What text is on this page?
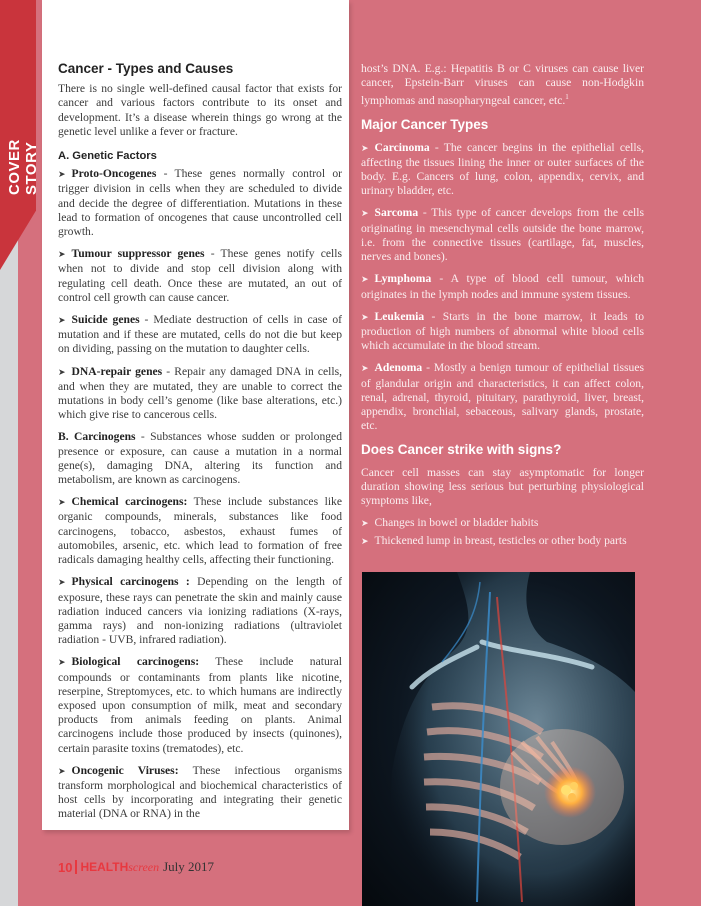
COVER STORY
Cancer - Types and Causes

There is no single well-defined causal factor that exists for cancer and various factors contribute to its onset and development. It’s a disease wherein things go wrong at the genetic level unlike a fever or fracture.

A. Genetic Factors

➤ Proto-Oncogenes - These genes normally control or trigger division in cells when they are scheduled to divide and decide the degree of differentiation. Mutations in these lead to formation of oncogenes that cause uncontrolled cell growth.

➤ Tumour suppressor genes - These genes notify cells when not to divide and stop cell division along with regulating cell death. Once these are mutated, an out of control cell growth can cause cancer.

➤ Suicide genes - Mediate destruction of cells in case of mutation and if these are mutated, cells do not die but keep on dividing, passing on the mutation to daughter cells.

➤ DNA-repair genes - Repair any damaged DNA in cells, and when they are mutated, they are unable to correct the mutations in body cell’s genome (like base alterations, etc.) which give rise to cancerous cells.

B. Carcinogens - Substances whose sudden or prolonged presence or exposure, can cause a mutation in a normal gene(s), damaging DNA, altering its function and metabolism, are known as carcinogens.

➤ Chemical carcinogens: These include substances like organic compounds, minerals, substances like food carcinogens, tobacco, asbestos, exhaust fumes of automobiles, arsenic, etc. which lead to formation of free radicals damaging healthy cells, affecting their functioning.

➤ Physical carcinogens : Depending on the length of exposure, these rays can penetrate the skin and mainly cause radiation induced cancers via ionizing radiations (X-rays, gamma rays) and non-ionizing radiations (ultraviolet radiation - UVB, infrared radiation).

➤ Biological carcinogens: These include natural compounds or contaminants from plants like nicotine, reserpine, Streptomyces, etc. to which humans are indirectly exposed upon consumption of milk, meat and secondary products from animals feeding on plants. Animal carcinogens include those produced by insects (quinones), certain parasite toxins (trematodes), etc.

➤ Oncogenic Viruses: These infectious organisms transform morphological and biochemical characteristics of host cells by incorporating and integrating their genetic material (DNA or RNA) in the

host’s DNA. E.g.: Hepatitis B or C viruses can cause liver cancer, Epstein-Barr viruses can cause non-Hodgkin lymphomas and nasopharyngeal cancer, etc.$^1$

Major Cancer Types

➤ Carcinoma - The cancer begins in the epithelial cells, affecting the tissues lining the inner or outer surfaces of the body. E.g. Cancers of lung, colon, appendix, cervix, and urinary bladder, etc.

➤ Sarcoma - This type of cancer develops from the cells originating in mesenchymal cells outside the bone marrow, i.e. from the connective tissues (cartilage, fat, muscles, nerves and bones).

➤ Lymphoma - A type of blood cell tumour, which originates in the lymph nodes and immune system tissues.

➤ Leukemia - Starts in the bone marrow, it leads to production of high numbers of abnormal white blood cells which accumulate in the blood stream.

➤ Adenoma - Mostly a benign tumour of epithelial tissues of glandular origin and characteristics, it can affect colon, renal, adrenal, thyroid, pituitary, parathyroid, liver, breast, appendix, bronchial, sebaceous, salivary glands, prostate, etc.

Does Cancer strike with signs?

Cancer cell masses can stay asymptomatic for longer duration showing less serious but perturbing physiological symptoms like,

➤ Changes in bowel or bladder habits
➤ Thickened lump in breast, testicles or other body parts
10 HEALTH screen July 2017
